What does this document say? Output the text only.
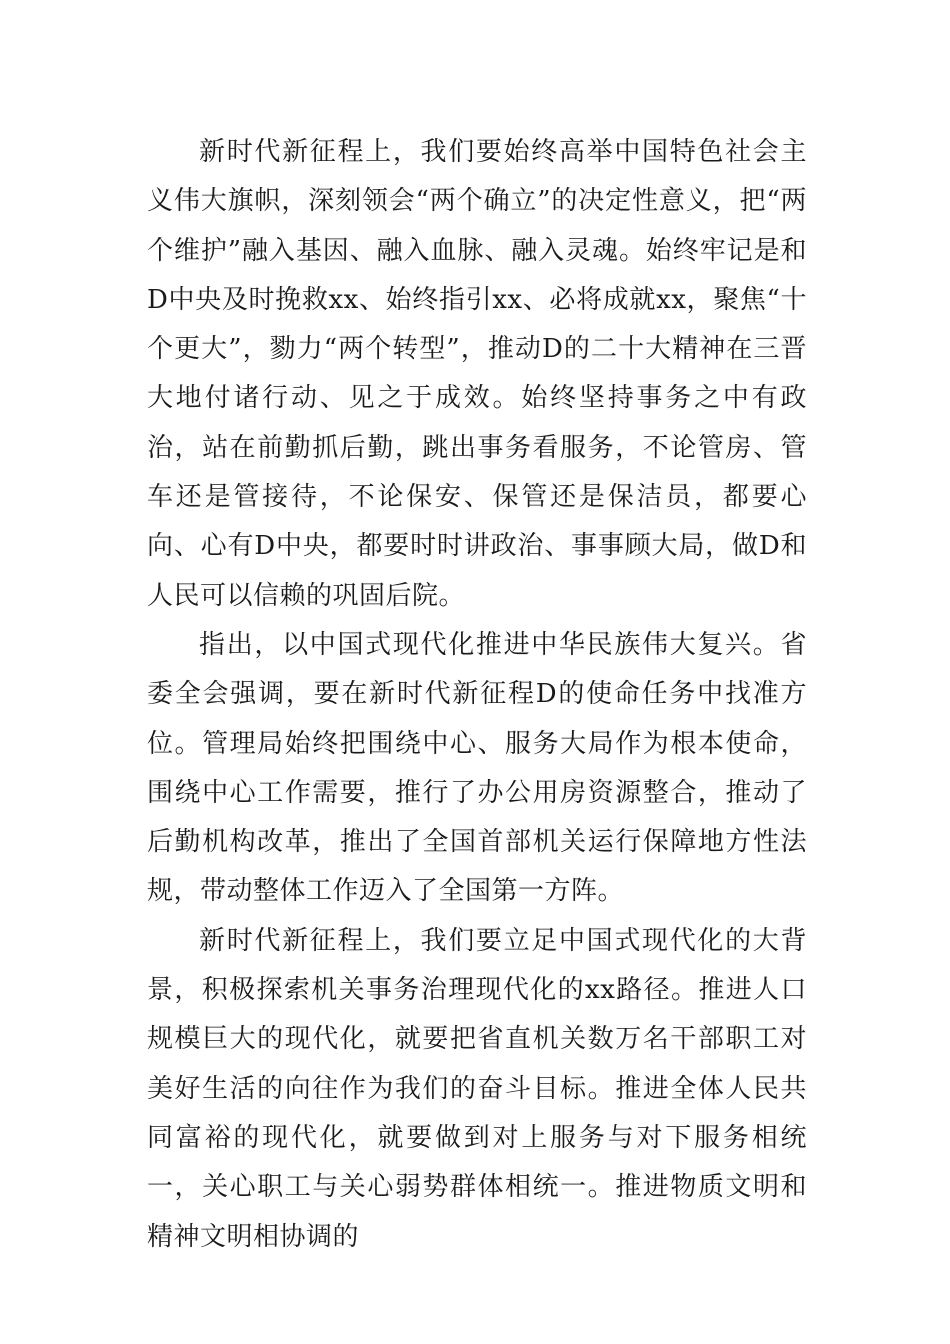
新时代新征程上，我们要始终高举中国特色社会主义伟大旗帜，深刻领会“两个确立”的决定性意义，把“两个维护”融入基因、融入血脉、融入灵魂。始终牢记是和D中央及时挽救xx、始终指引xx、必将成就xx，聚焦“十个更大”，勠力“两个转型”，推动D的二十大精神在三晋大地付诸行动、见之于成效。始终坚持事务之中有政治，站在前勤抓后勤，跳出事务看服务，不论管房、管车还是管接待，不论保安、保管还是保洁员，都要心向、心有D中央，都要时时讲政治、事事顾大局，做D和人民可以信赖的巩固后院。

指出，以中国式现代化推进中华民族伟大复兴。省委全会强调，要在新时代新征程D的使命任务中找准方位。管理局始终把围绕中心、服务大局作为根本使命，围绕中心工作需要，推行了办公用房资源整合，推动了后勤机构改革，推出了全国首部机关运行保障地方性法规，带动整体工作迈入了全国第一方阵。

新时代新征程上，我们要立足中国式现代化的大背景，积极探索机关事务治理现代化的xx路径。推进人口规模巨大的现代化，就要把省直机关数万名干部职工对美好生活的向往作为我们的奋斗目标。推进全体人民共同富裕的现代化，就要做到对上服务与对下服务相统一，关心职工与关心弱势群体相统一。推进物质文明和精神文明相协调的
